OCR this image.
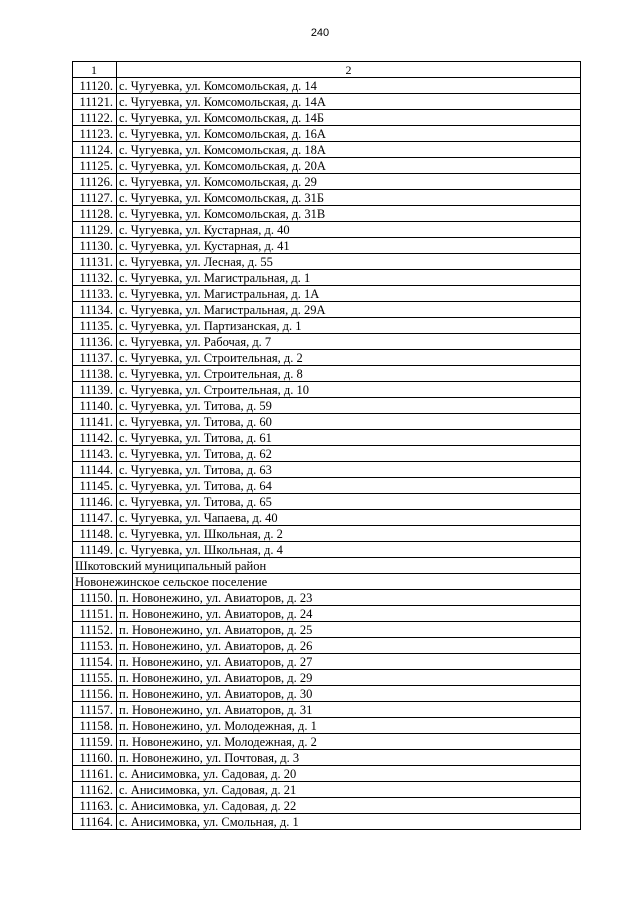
240
1	2
11120.	с. Чугуевка, ул. Комсомольская, д. 14
11121.	с. Чугуевка, ул. Комсомольская, д. 14А
11122.	с. Чугуевка, ул. Комсомольская, д. 14Б
11123.	с. Чугуевка, ул. Комсомольская, д. 16А
11124.	с. Чугуевка, ул. Комсомольская, д. 18А
11125.	с. Чугуевка, ул. Комсомольская, д. 20А
11126.	с. Чугуевка, ул. Комсомольская, д. 29
11127.	с. Чугуевка, ул. Комсомольская, д. 31Б
11128.	с. Чугуевка, ул. Комсомольская, д. 31В
11129.	с. Чугуевка, ул. Кустарная, д. 40
11130.	с. Чугуевка, ул. Кустарная, д. 41
11131.	с. Чугуевка, ул. Лесная, д. 55
11132.	с. Чугуевка, ул. Магистральная, д. 1
11133.	с. Чугуевка, ул. Магистральная, д. 1А
11134.	с. Чугуевка, ул. Магистральная, д. 29А
11135.	с. Чугуевка, ул. Партизанская, д. 1
11136.	с. Чугуевка, ул. Рабочая, д. 7
11137.	с. Чугуевка, ул. Строительная, д. 2
11138.	с. Чугуевка, ул. Строительная, д. 8
11139.	с. Чугуевка, ул. Строительная, д. 10
11140.	с. Чугуевка, ул. Титова, д. 59
11141.	с. Чугуевка, ул. Титова, д. 60
11142.	с. Чугуевка, ул. Титова, д. 61
11143.	с. Чугуевка, ул. Титова, д. 62
11144.	с. Чугуевка, ул. Титова, д. 63
11145.	с. Чугуевка, ул. Титова, д. 64
11146.	с. Чугуевка, ул. Титова, д. 65
11147.	с. Чугуевка, ул. Чапаева, д. 40
11148.	с. Чугуевка, ул. Школьная, д. 2
11149.	с. Чугуевка, ул. Школьная, д. 4
Шкотовский муниципальный район	
Новонежинское сельское поселение	
11150.	п. Новонежино, ул. Авиаторов, д. 23
11151.	п. Новонежино, ул. Авиаторов, д. 24
11152.	п. Новонежино, ул. Авиаторов, д. 25
11153.	п. Новонежино, ул. Авиаторов, д. 26
11154.	п. Новонежино, ул. Авиаторов, д. 27
11155.	п. Новонежино, ул. Авиаторов, д. 29
11156.	п. Новонежино, ул. Авиаторов, д. 30
11157.	п. Новонежино, ул. Авиаторов, д. 31
11158.	п. Новонежино, ул. Молодежная, д. 1
11159.	п. Новонежино, ул. Молодежная, д. 2
11160.	п. Новонежино, ул. Почтовая, д. 3
11161.	с. Анисимовка, ул. Садовая, д. 20
11162.	с. Анисимовка, ул. Садовая, д. 21
11163.	с. Анисимовка, ул. Садовая, д. 22
11164.	с. Анисимовка, ул. Смольная, д. 1
